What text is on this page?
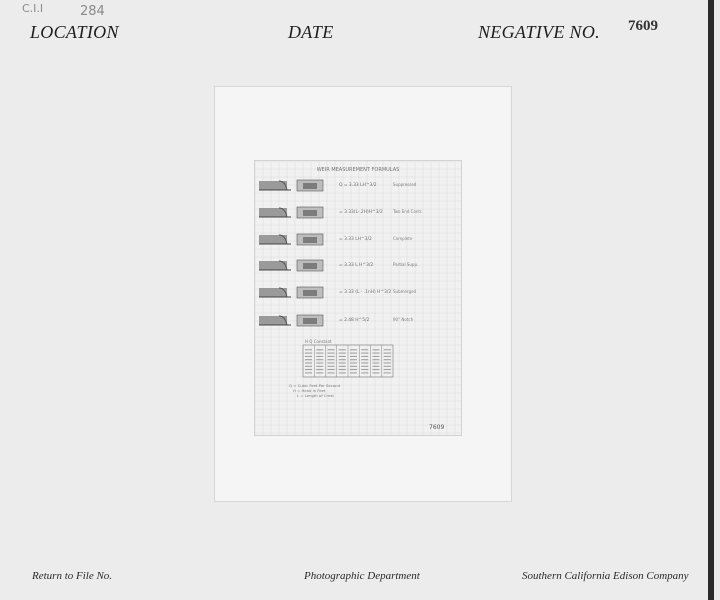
C.I.I	284
LOCATION	DATE	NEGATIVE NO. 7609
WEIR MEASUREMENT FORMULAS
Q = 3.33 LH^3/2	Suppressed
= 3.33(L-.2H)H^3/2	Two End Contr.
= 3.33 LH^3/2	Complete
= 3.33 L H^3/2	Partial Supp.
= 3.33 (L - .1nH) H^3/2 Submerged
= 2.48 H^5/2	90° Notch
H Q Constant
Q = Cubic Feet Per Second
H = Head in Feet
L = Length of Crest
7609
Return to File No.	Photographic Department	Southern California Edison Company
